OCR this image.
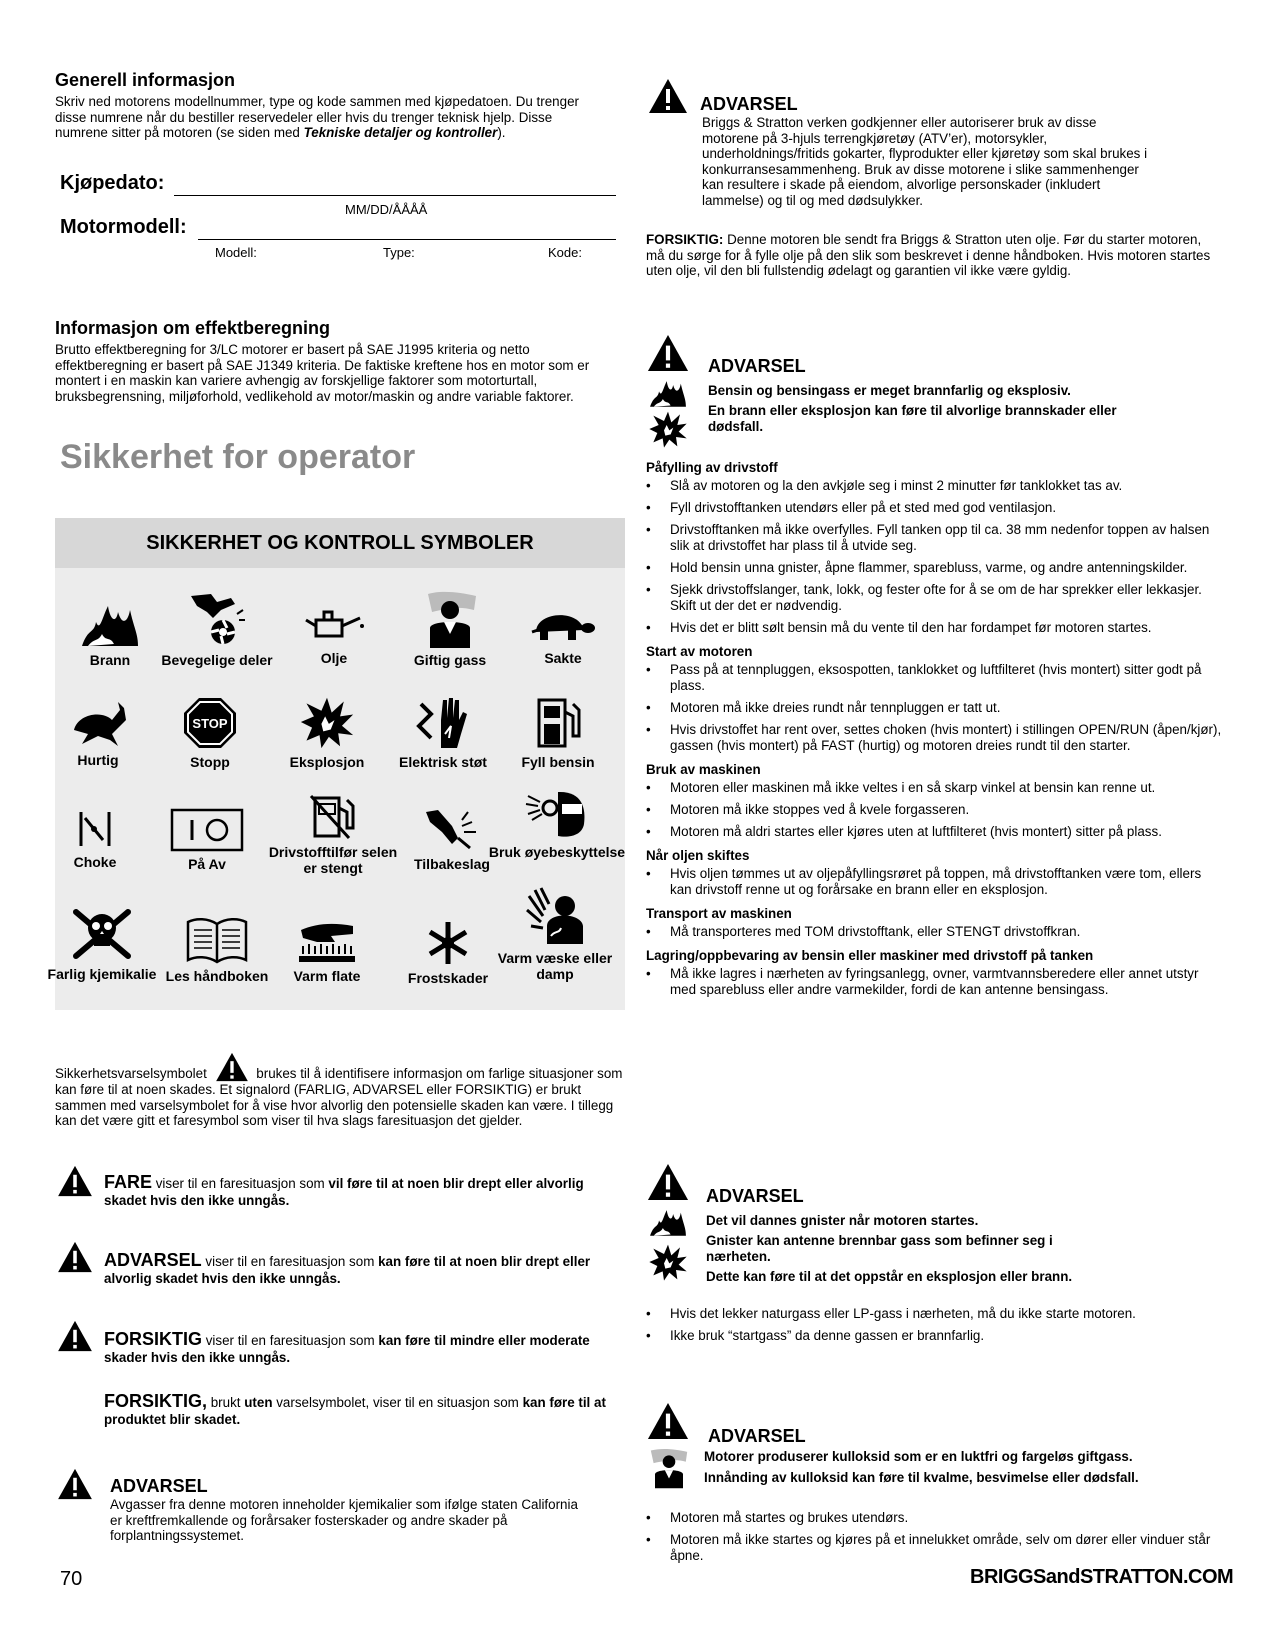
Generell informasjon
Skriv ned motorens modellnummer, type og kode sammen med kjøpedatoen. Du trenger disse numrene når du bestiller reservedeler eller hvis du trenger teknisk hjelp. Disse numrene sitter på motoren (se siden med Tekniske detaljer og kontroller).
Kjøpedato:
MM/DD/ÅÅÅÅ
Motormodell:
Modell:	Type:	Kode:
Informasjon om effektberegning
Brutto effektberegning for 3/LC motorer er basert på SAE J1995 kriteria og netto effektberegning er basert på SAE J1349 kriteria. De faktiske kreftene hos en motor som er montert i en maskin kan variere avhengig av forskjellige faktorer som motorturtall, bruksbegrensning, miljøforhold, vedlikehold av motor/maskin og andre variable faktorer.
Sikkerhet for operator
SIKKERHET OG KONTROLL SYMBOLER
Brann	Bevegelige deler	Olje	Giftig gass	Sakte
Hurtig
STOP
Stopp	Eksplosjon	Elektrisk støt	Fyll bensin
Choke	På Av
Drivstofftilfør selen er stengt	Tilbakeslag
Bruk øyebeskyttelse
Farlig kjemikalie Les håndboken	Varm flate	Frostskader
Varm væske eller damp
Sikkerhetsvarselsymbolet	brukes til å identifisere informasjon om farlige situasjoner som kan føre til at noen skades. Et signalord (FARLIG, ADVARSEL eller FORSIKTIG) er brukt sammen med varselsymbolet for å vise hvor alvorlig den potensielle skaden kan være. I tillegg kan det være gitt et faresymbol som viser til hva slags faresituasjon det gjelder.
FARE viser til en faresituasjon som vil føre til at noen blir drept eller alvorlig skadet hvis den ikke unngås.
ADVARSEL viser til en faresituasjon som kan føre til at noen blir drept eller alvorlig skadet hvis den ikke unngås.
FORSIKTIG viser til en faresituasjon som kan føre til mindre eller moderate skader hvis den ikke unngås.
FORSIKTIG, brukt uten varselsymbolet, viser til en situasjon som kan føre til at produktet blir skadet.
ADVARSEL
Avgasser fra denne motoren inneholder kjemikalier som ifølge staten California er kreftfremkallende og forårsaker fosterskader og andre skader på forplantningssystemet.
70	BRIGGSandSTRATTON.COM
ADVARSEL
Briggs & Stratton verken godkjenner eller autoriserer bruk av disse motorene på 3-hjuls terrengkjøretøy (ATV’er), motorsykler, underholdnings/fritids gokarter, flyprodukter eller kjøretøy som skal brukes i konkurransesammenheng. Bruk av disse motorene i slike sammenhenger kan resultere i skade på eiendom, alvorlige personskader (inkludert lammelse) og til og med dødsulykker.
FORSIKTIG: Denne motoren ble sendt fra Briggs & Stratton uten olje. Før du starter motoren, må du sørge for å fylle olje på den slik som beskrevet i denne håndboken. Hvis motoren startes uten olje, vil den bli fullstendig ødelagt og garantien vil ikke være gyldig.
ADVARSEL
Bensin og bensingass er meget brannfarlig og eksplosiv.
En brann eller eksplosjon kan føre til alvorlige brannskader eller dødsfall.
Påfylling av drivstoff
• Slå av motoren og la den avkjøle seg i minst 2 minutter før tanklokket tas av.
• Fyll drivstofftanken utendørs eller på et sted med god ventilasjon.
• Drivstofftanken må ikke overfylles. Fyll tanken opp til ca. 38 mm nedenfor toppen av halsen slik at drivstoffet har plass til å utvide seg.
• Hold bensin unna gnister, åpne flammer, sparebluss, varme, og andre antenningskilder.
• Sjekk drivstoffslanger, tank, lokk, og fester ofte for å se om de har sprekker eller lekkasjer. Skift ut der det er nødvendig.
• Hvis det er blitt sølt bensin må du vente til den har fordampet før motoren startes.
Start av motoren
• Pass på at tennpluggen, eksospotten, tanklokket og luftfilteret (hvis montert) sitter godt på plass.
• Motoren må ikke dreies rundt når tennpluggen er tatt ut.
• Hvis drivstoffet har rent over, settes choken (hvis montert) i stillingen OPEN/RUN (åpen/kjør), gassen (hvis montert) på FAST (hurtig) og motoren dreies rundt til den starter.
Bruk av maskinen
• Motoren eller maskinen må ikke veltes i en så skarp vinkel at bensin kan renne ut.
• Motoren må ikke stoppes ved å kvele forgasseren.
• Motoren må aldri startes eller kjøres uten at luftfilteret (hvis montert) sitter på plass.
Når oljen skiftes
• Hvis oljen tømmes ut av oljepåfyllingsrøret på toppen, må drivstofftanken være tom, ellers kan drivstoff renne ut og forårsake en brann eller en eksplosjon.
Transport av maskinen
• Må transporteres med TOM drivstofftank, eller STENGT drivstoffkran.
Lagring/oppbevaring av bensin eller maskiner med drivstoff på tanken
• Må ikke lagres i nærheten av fyringsanlegg, ovner, varmtvannsberedere eller annet utstyr med sparebluss eller andre varmekilder, fordi de kan antenne bensingass.
ADVARSEL
Det vil dannes gnister når motoren startes.
Gnister kan antenne brennbar gass som befinner seg i nærheten.
Dette kan føre til at det oppstår en eksplosjon eller brann.
• Hvis det lekker naturgass eller LP-gass i nærheten, må du ikke starte motoren.
• Ikke bruk “startgass” da denne gassen er brannfarlig.
ADVARSEL
Motorer produserer kulloksid som er en luktfri og fargeløs giftgass.
Innånding av kulloksid kan føre til kvalme, besvimelse eller dødsfall.
• Motoren må startes og brukes utendørs.
• Motoren må ikke startes og kjøres på et innelukket område, selv om dører eller vinduer står åpne.
